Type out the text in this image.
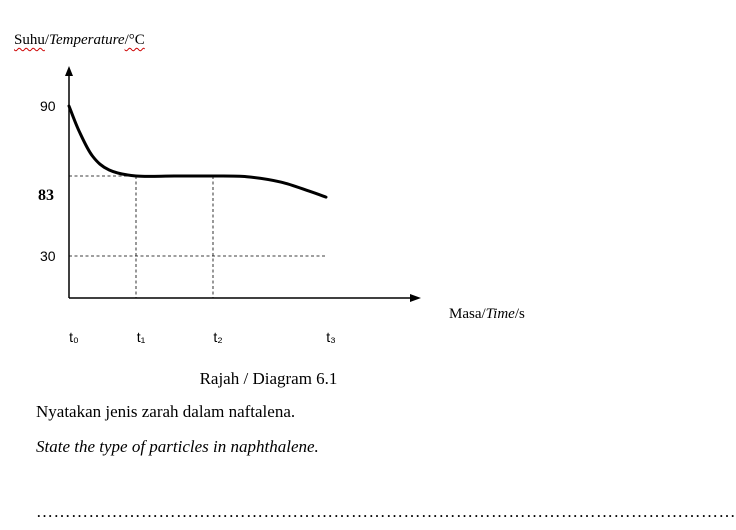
Suhu/Temperature/°C
Masa/Time/s
90
83
30
t₀	t₁	t₂	t₃
Rajah / Diagram 6.1
Nyatakan jenis zarah dalam naftalena.
State the type of particles in naphthalene.
…………………………………………………………………………………………………………
